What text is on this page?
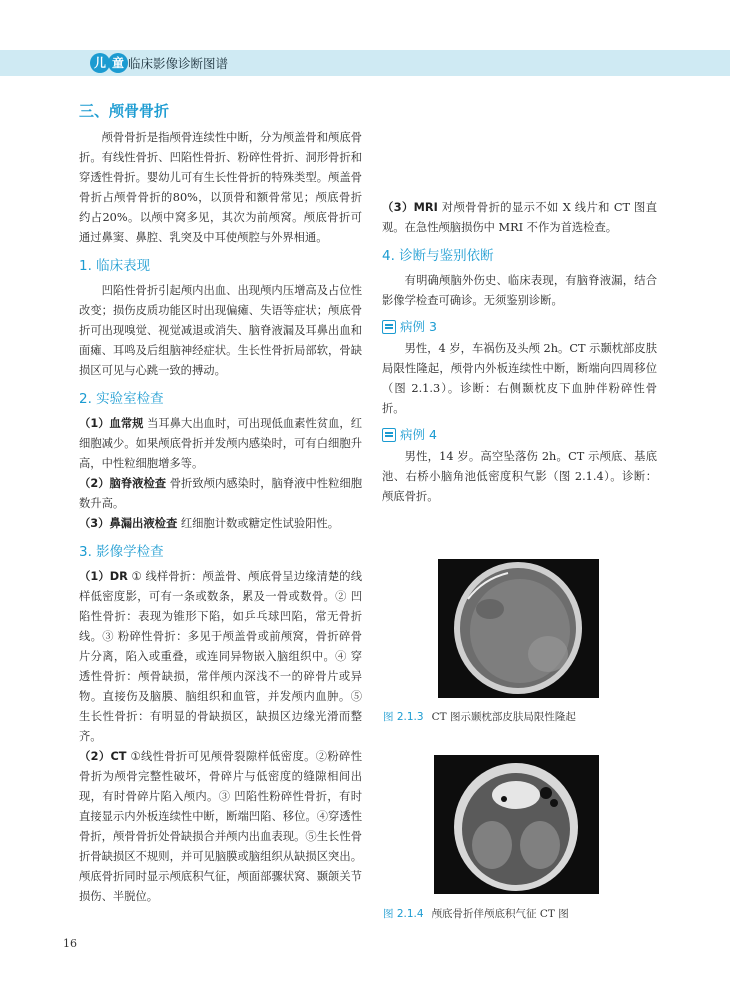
儿 童 临床影像诊断图谱
三、颅骨骨折

颅骨骨折是指颅骨连续性中断，分为颅盖骨和颅底骨折。有线性骨折、凹陷性骨折、粉碎性骨折、洞形骨折和穿透性骨折。婴幼儿可有生长性骨折的特殊类型。颅盖骨骨折占颅骨骨折的80%，以顶骨和额骨常见；颅底骨折约占20%。以颅中窝多见，其次为前颅窝。颅底骨折可通过鼻窦、鼻腔、乳突及中耳使颅腔与外界相通。

1. 临床表现

凹陷性骨折引起颅内出血、出现颅内压增高及占位性改变；损伤皮质功能区时出现偏瘫、失语等症状；颅底骨折可出现嗅觉、视觉减退或消失、脑脊液漏及耳鼻出血和面瘫、耳鸣及后组脑神经症状。生长性骨折局部软，骨缺损区可见与心跳一致的搏动。

2. 实验室检查

（1）血常规 当耳鼻大出血时，可出现低血素性贫血，红细胞减少。如果颅底骨折并发颅内感染时，可有白细胞升高，中性粒细胞增多等。

（2）脑脊液检查 骨折致颅内感染时，脑脊液中性粒细胞数升高。

（3）鼻漏出液检查 红细胞计数或糖定性试验阳性。

3. 影像学检查

（1）DR ① 线样骨折：颅盖骨、颅底骨呈边缘清楚的线样低密度影，可有一条或数条，累及一骨或数骨。② 凹陷性骨折：表现为锥形下陷，如乒乓球凹陷，常无骨折线。③ 粉碎性骨折：多见于颅盖骨或前颅窝，骨折碎骨片分离，陷入或重叠，或连同异物嵌入脑组织中。④ 穿透性骨折：颅骨缺损，常伴颅内深浅不一的碎骨片或异物。直接伤及脑膜、脑组织和血管，并发颅内血肿。⑤ 生长性骨折：有明显的骨缺损区，缺损区边缘光滑而整齐。

（2）CT ①线性骨折可见颅骨裂隙样低密度。②粉碎性骨折为颅骨完整性破坏，骨碎片与低密度的缝隙相间出现，有时骨碎片陷入颅内。③ 凹陷性粉碎性骨折，有时直接显示内外板连续性中断，断端凹陷、移位。④穿透性骨折，颅骨骨折处骨缺损合并颅内出血表现。⑤生长性骨折骨缺损区不规则，并可见脑膜或脑组织从缺损区突出。颅底骨折同时显示颅底积气征，颅面部骤状窝、颞颌关节损伤、半脱位。

（3）MRI 对颅骨骨折的显示不如 X 线片和 CT 图直观。在急性颅脑损伤中 MRI 不作为首选检查。

4. 诊断与鉴别依断

有明确颅脑外伤史、临床表现，有脑脊液漏，结合影像学检查可确诊。无须鉴别诊断。

病例 3

男性，4 岁，车祸伤及头颅 2h。CT 示颞枕部皮肤局限性隆起，颅骨内外板连续性中断，断端向四周移位（图 2.1.3）。诊断：右侧颞枕皮下血肿伴粉碎性骨折。

病例 4

男性，14 岁。高空坠落伤 2h。CT 示颅底、基底池、右桥小脑角池低密度积气影（图 2.1.4）。诊断：颅底骨折。

图 2.1.3 CT 图示颞枕部皮肤局限性隆起
图 2.1.4 颅底骨折伴颅底积气征 CT 图
16
